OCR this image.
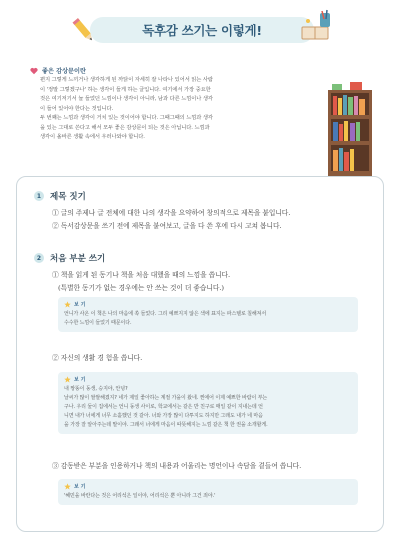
독후감 쓰기는 이렇게!
좋은 감상문이란
편지 그렇게 느끼거나 생각하게 된 까닭이 자세히 잘 나타나 있어서 읽는 사람
이 '정말 그렇겠구나' 하는 생각이 들게 하는 글입니다. 여기에서 가장 중요한
것은 여기저기서 늘 들었던 느낌이나 생각이 아니라, 남과 다른 느낌이나 생각
이 들어 있어야 한다는 것입니다.
두 번째는 느낌과 생각이 거치 있는 것이어야 합니다. 그때그때의 느낌과 생각
을 있는 그대로 쓴다고 해서 모두 좋은 감상문이 되는 것은 아닙니다. 느낌과
생각이 올바른 생활 속에서 우러나와야 합니다.
1	제목 짓기
① 글의 주제나 글 전체에 대한 나의 생각을 요약하여 창의적으로 제목을 붙입니다.
② 독서감상문을 쓰기 전에 제목을 붙여보고, 글을 다 쓴 후에 다시 고쳐 봅니다.
2	처음 부분 쓰기
① 책을 읽게 된 동기나 책을 처음 대했을 때의 느낌을 씁니다.
(특별한 동기가 없는 경우에는 안 쓰는 것이 더 좋습니다.)
보 기
언니가 사온 이 책은 나의 마음에 쏙 들었다. 그리 예쁘지지 않은 색에 표지는 파스텔로 칠해져서
수수한 느낌이 들었기 때문이다.
② 자신의 생활 경 험을 씁니다.
보 기
내 짱뚱이 동생, 승지야, 안녕?
날씨가 많이 쌀쌀해졌지? 네가 제일 좋아하는 계절 가을이 왔네. 찐에어 이제 예쁘한 바람이 부는
구나. 우리 둘이 집에서는 언니 동생 사이로, 학교에서는 같은 반 친구로 매일 같이 지내는데 언
니면 내가 너에게 너무 소홀했던 것 같아. 너와 가장 많이 다투지도 하지만 그래도 내가 네 마음
을 가장 잘 알아주는데 말이야. 그래서 너에게 마음이 따뜻해지는 느낌 같은 책 한 권을 소개할게.
③ 감동받은 부분을 인용하거나 책의 내용과 어울리는 명언이나 속담을 곁들여 씁니다.
보 기
'혜민을 바란다는 것은 어리석은 일이야, 어리석은 뿐 아니라 그건 죄야.'
